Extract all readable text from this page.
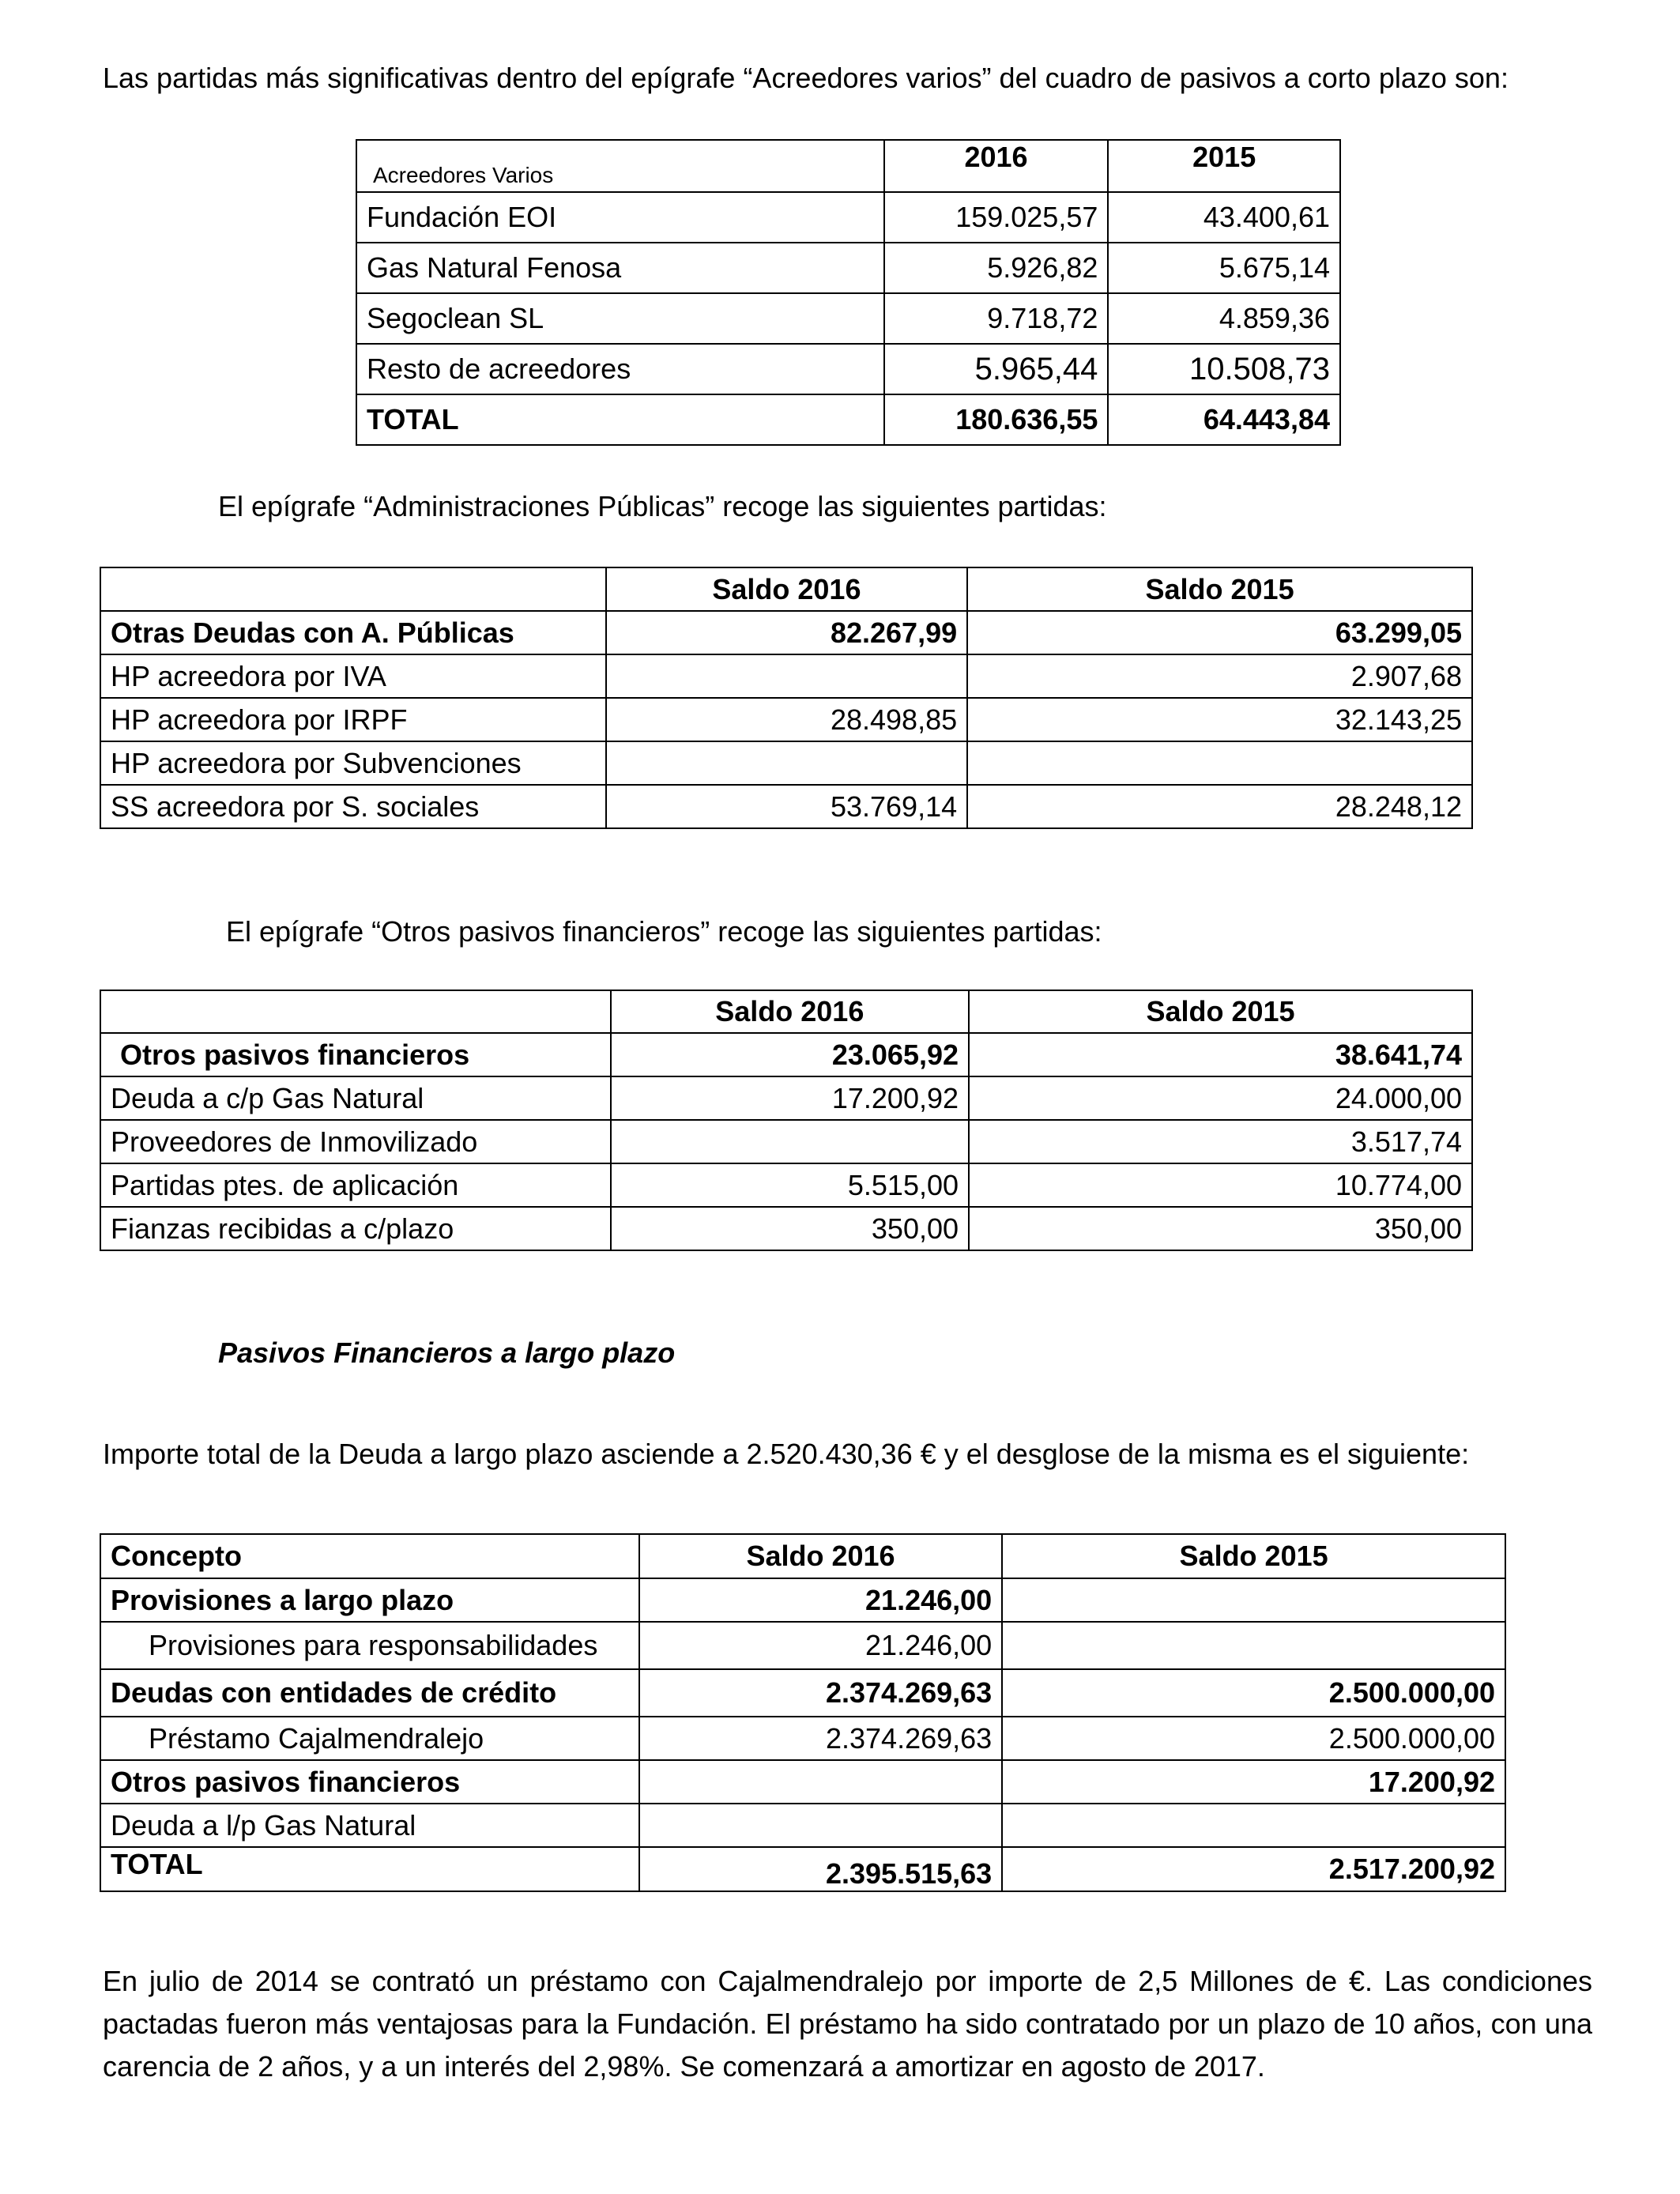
Las partidas más significativas dentro del epígrafe “Acreedores varios” del cuadro de pasivos a corto plazo son:

Acreedores Varios	2016	2015
Fundación EOI	159.025,57	43.400,61
Gas Natural Fenosa	5.926,82	5.675,14
Segoclean SL	9.718,72	4.859,36
Resto de acreedores	5.965,44	10.508,73
TOTAL	180.636,55	64.443,84

El epígrafe “Administraciones Públicas” recoge las siguientes partidas:

	Saldo 2016	Saldo 2015
Otras Deudas con A. Públicas	82.267,99	63.299,05
HP acreedora por IVA		2.907,68
HP acreedora por IRPF	28.498,85	32.143,25
HP acreedora por Subvenciones		
SS acreedora por S. sociales	53.769,14	28.248,12

El epígrafe “Otros pasivos financieros” recoge las siguientes partidas:

	Saldo 2016	Saldo 2015
Otros pasivos financieros	23.065,92	38.641,74
Deuda a c/p Gas Natural	17.200,92	24.000,00
Proveedores de Inmovilizado		3.517,74
Partidas ptes. de aplicación	5.515,00	10.774,00
Fianzas recibidas a c/plazo	350,00	350,00

Pasivos Financieros a largo plazo

Importe total de la Deuda a largo plazo asciende a 2.520.430,36 € y el desglose de la misma es el siguiente:

Concepto	Saldo 2016	Saldo 2015
Provisiones a largo plazo	21.246,00	
Provisiones para responsabilidades	21.246,00	
Deudas con entidades de crédito	2.374.269,63	2.500.000,00
Préstamo Cajalmendralejo	2.374.269,63	2.500.000,00
Otros pasivos financieros		17.200,92
Deuda a l/p Gas Natural		
TOTAL	2.395.515,63	2.517.200,92

En julio de 2014 se contrató un préstamo con Cajalmendralejo por importe de 2,5 Millones de €. Las condiciones pactadas fueron más ventajosas para la Fundación. El préstamo ha sido contratado por un plazo de 10 años, con una carencia de 2 años, y a un interés del 2,98%. Se comenzará a amortizar en agosto de 2017.
